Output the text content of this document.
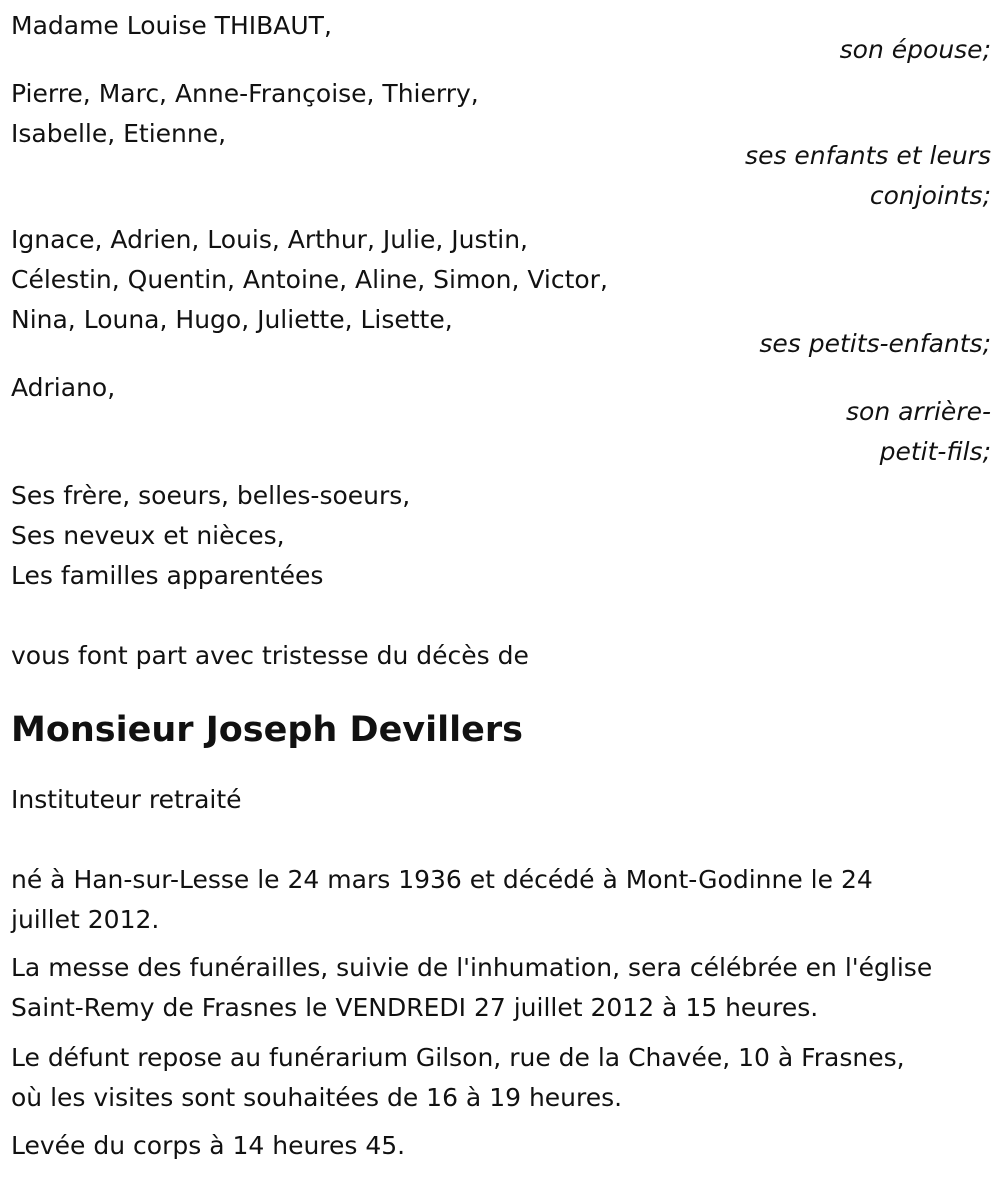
Madame Louise THIBAUT,
son épouse;
Pierre, Marc, Anne-Françoise, Thierry,
Isabelle, Etienne,
ses enfants et leurs
conjoints;
Ignace, Adrien, Louis, Arthur, Julie, Justin,
Célestin, Quentin, Antoine, Aline, Simon, Victor,
Nina, Louna, Hugo, Juliette, Lisette,
ses petits-enfants;
Adriano,
son arrière-
petit-fils;
Ses frère, soeurs, belles-soeurs,
Ses neveux et nièces,
Les familles apparentées
vous font part avec tristesse du décès de
Monsieur Joseph Devillers
Instituteur retraité
né à Han-sur-Lesse le 24 mars 1936 et décédé à Mont-Godinne le 24
juillet 2012.
La messe des funérailles, suivie de l'inhumation, sera célébrée en l'église
Saint-Remy de Frasnes le VENDREDI 27 juillet 2012 à 15 heures.
Le défunt repose au funérarium Gilson, rue de la Chavée, 10 à Frasnes,
où les visites sont souhaitées de 16 à 19 heures.
Levée du corps à 14 heures 45.
